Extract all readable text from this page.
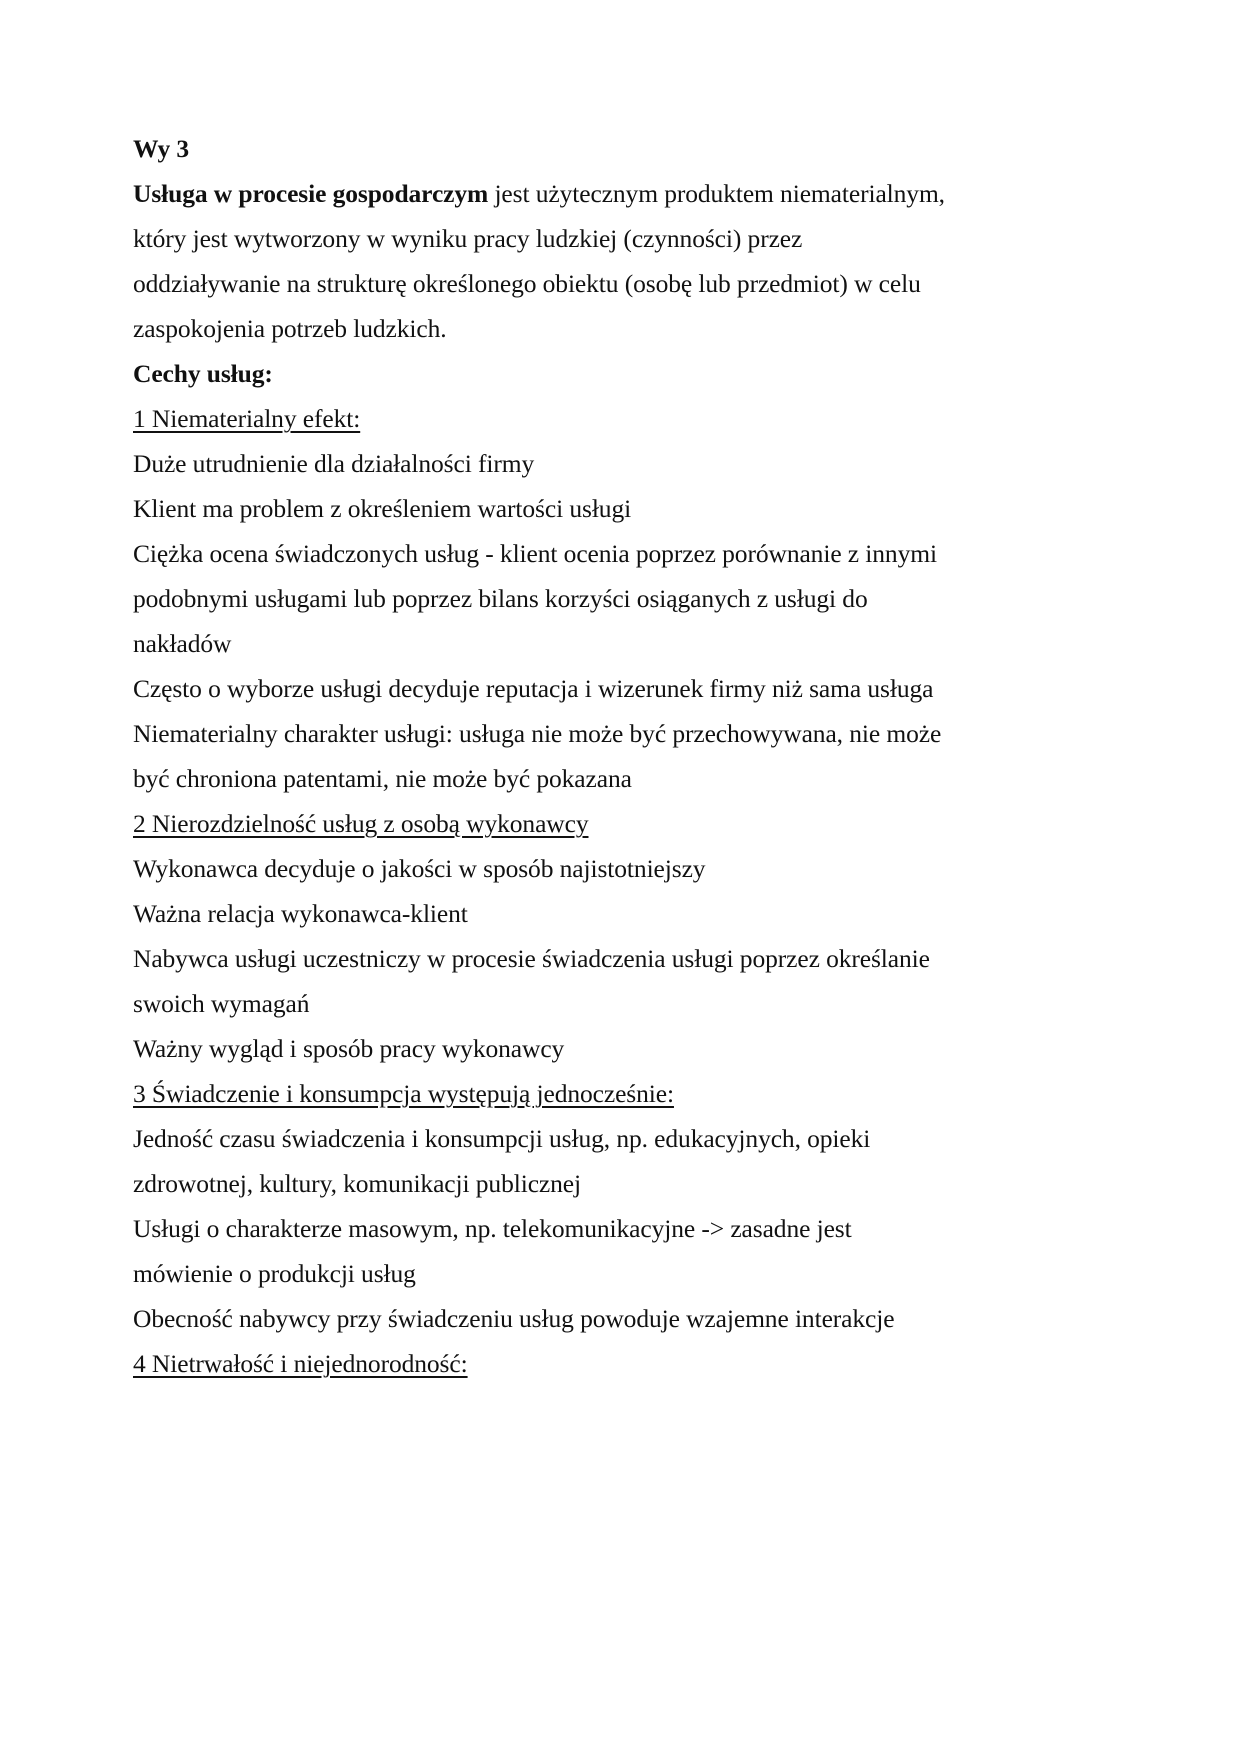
Wy 3
Usługa w procesie gospodarczym jest użytecznym produktem niematerialnym,
który jest wytworzony w wyniku pracy ludzkiej (czynności) przez
oddziaływanie na strukturę określonego obiektu (osobę lub przedmiot) w celu
zaspokojenia potrzeb ludzkich.
Cechy usług:
1 Niematerialny efekt:
Duże utrudnienie dla działalności firmy
Klient ma problem z określeniem wartości usługi
Ciężka ocena świadczonych usług - klient ocenia poprzez porównanie z innymi
podobnymi usługami lub poprzez bilans korzyści osiąganych z usługi do
nakładów
Często o wyborze usługi decyduje reputacja i wizerunek firmy niż sama usługa
Niematerialny charakter usługi: usługa nie może być przechowywana, nie może
być chroniona patentami, nie może być pokazana
2 Nierozdzielność usług z osobą wykonawcy
Wykonawca decyduje o jakości w sposób najistotniejszy
Ważna relacja wykonawca-klient
Nabywca usługi uczestniczy w procesie świadczenia usługi poprzez określanie
swoich wymagań
Ważny wygląd i sposób pracy wykonawcy
3 Świadczenie i konsumpcja występują jednocześnie:
Jedność czasu świadczenia i konsumpcji usług, np. edukacyjnych, opieki
zdrowotnej, kultury, komunikacji publicznej
Usługi o charakterze masowym, np. telekomunikacyjne -> zasadne jest
mówienie o produkcji usług
Obecność nabywcy przy świadczeniu usług powoduje wzajemne interakcje
4 Nietrwałość i niejednorodność:
